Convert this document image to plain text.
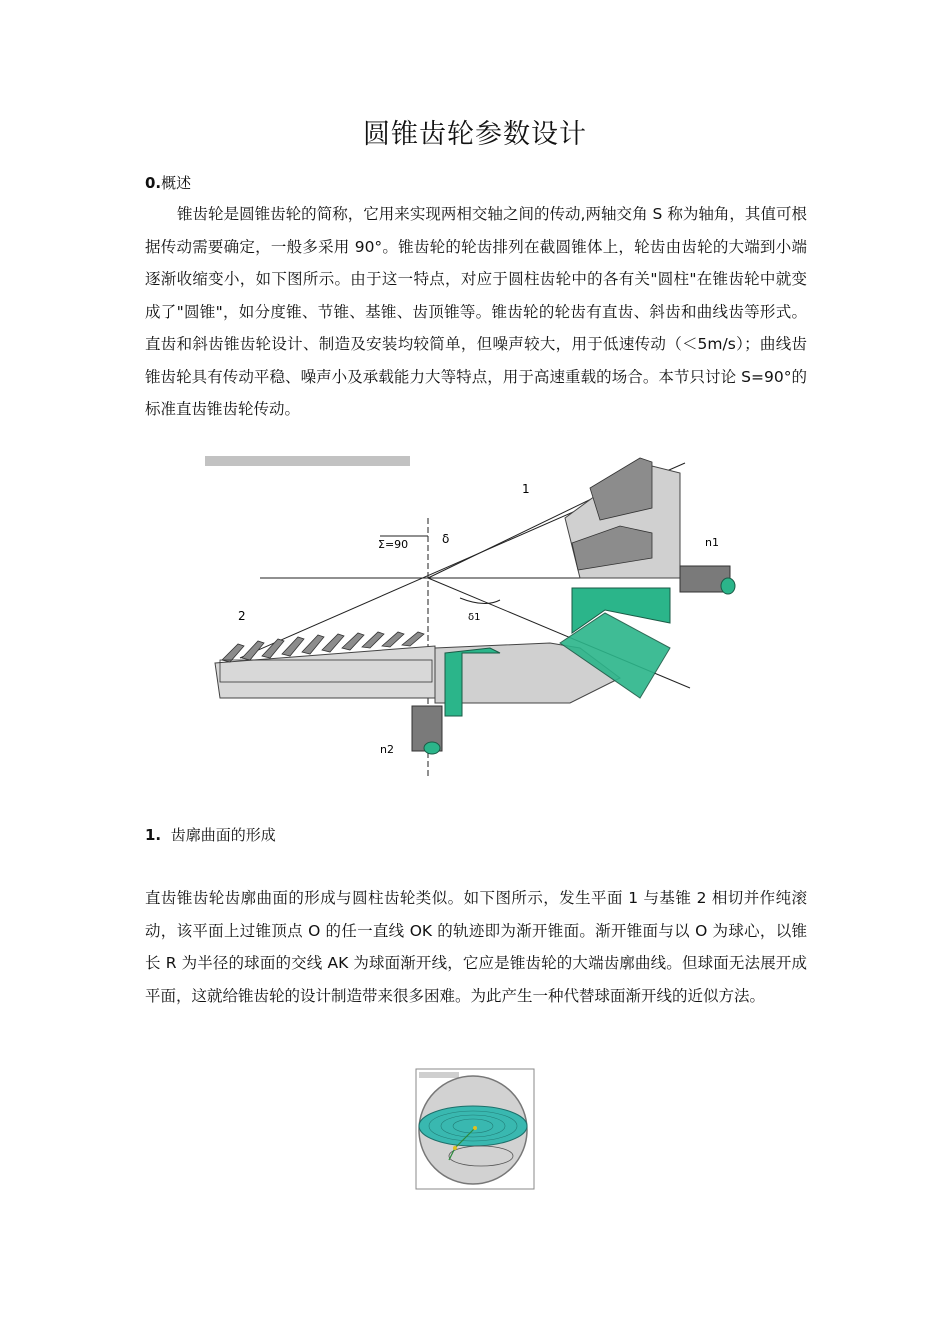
圆锥齿轮参数设计

0.概述

锥齿轮是圆锥齿轮的简称，它用来实现两相交轴之间的传动,两轴交角 S 称为轴角，其值可根据传动需要确定，一般多采用 90°。锥齿轮的轮齿排列在截圆锥体上，轮齿由齿轮的大端到小端逐渐收缩变小，如下图所示。由于这一特点，对应于圆柱齿轮中的各有关"圆柱"在锥齿轮中就变成了"圆锥"，如分度锥、节锥、基锥、齿顶锥等。锥齿轮的轮齿有直齿、斜齿和曲线齿等形式。直齿和斜齿锥齿轮设计、制造及安装均较简单，但噪声较大，用于低速传动（＜5m/s）；曲线齿锥齿轮具有传动平稳、噪声小及承载能力大等特点，用于高速重载的场合。本节只讨论 S=90°的标准直齿锥齿轮传动。

Σ=90	δ
δ1
n1
n2
1
2

1. 齿廓曲面的形成

直齿锥齿轮齿廓曲面的形成与圆柱齿轮类似。如下图所示，发生平面 1 与基锥 2 相切并作纯滚动，该平面上过锥顶点 O 的任一直线 OK 的轨迹即为渐开锥面。渐开锥面与以 O 为球心，以锥长 R 为半径的球面的交线 AK 为球面渐开线，它应是锥齿轮的大端齿廓曲线。但球面无法展开成平面，这就给锥齿轮的设计制造带来很多困难。为此产生一种代替球面渐开线的近似方法。
